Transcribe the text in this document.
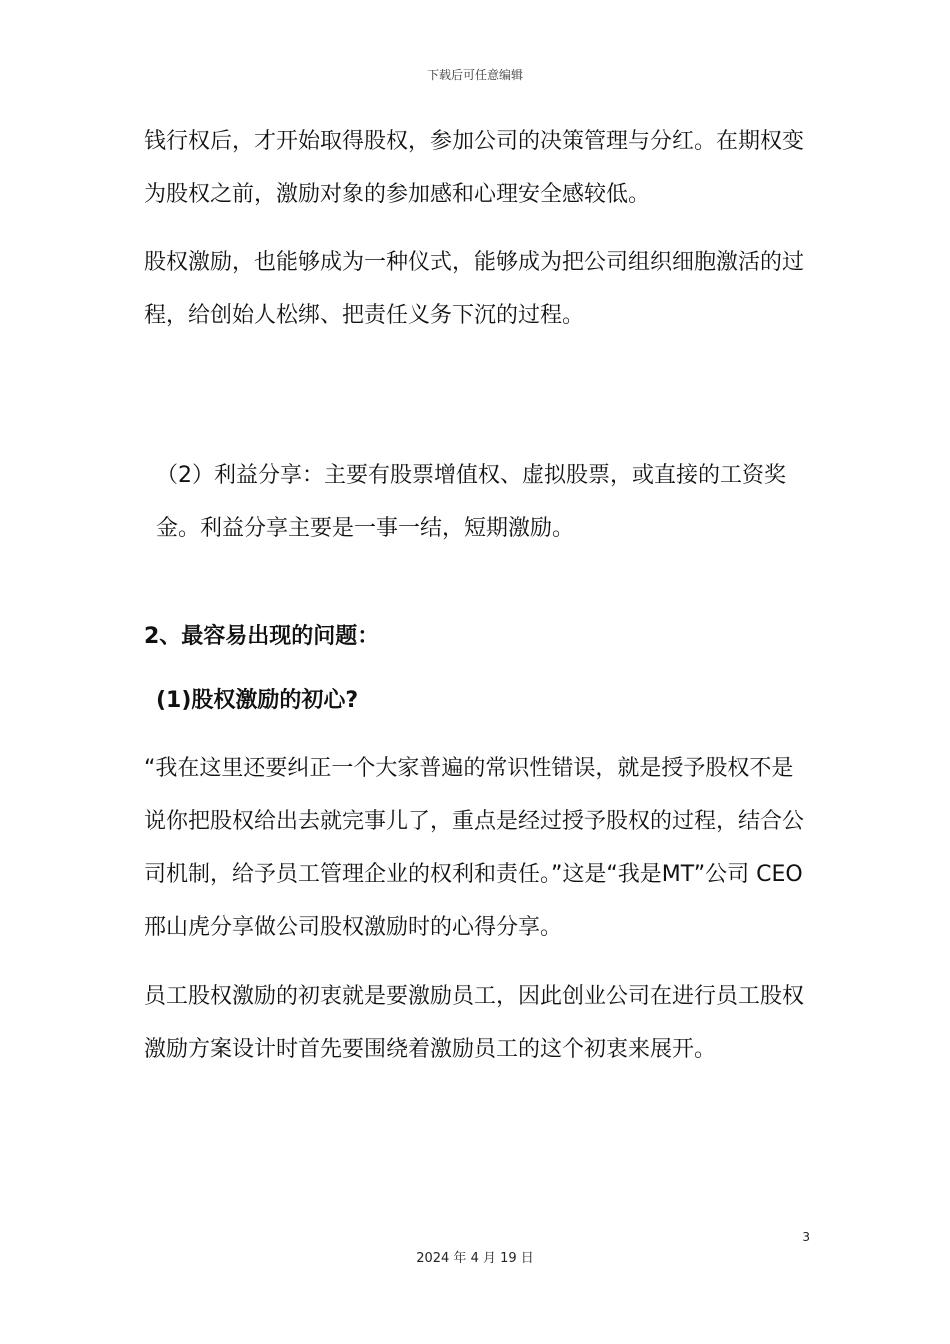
下载后可任意编辑

钱行权后，才开始取得股权，参加公司的决策管理与分红。在期权变为股权之前，激励对象的参加感和心理安全感较低。

股权激励，也能够成为一种仪式，能够成为把公司组织细胞激活的过程，给创始人松绑、把责任义务下沉的过程。

（2）利益分享：主要有股票增值权、虚拟股票，或直接的工资奖金。利益分享主要是一事一结，短期激励。

2、最容易出现的问题：

(1)股权激励的初心?

“我在这里还要纠正一个大家普遍的常识性错误，就是授予股权不是说你把股权给出去就完事儿了，重点是经过授予股权的过程，结合公司机制，给予员工管理企业的权利和责任。”这是“我是MT”公司 CEO 邢山虎分享做公司股权激励时的心得分享。

员工股权激励的初衷就是要激励员工，因此创业公司在进行员工股权激励方案设计时首先要围绕着激励员工的这个初衷来展开。

3
2024 年 4 月 19 日
